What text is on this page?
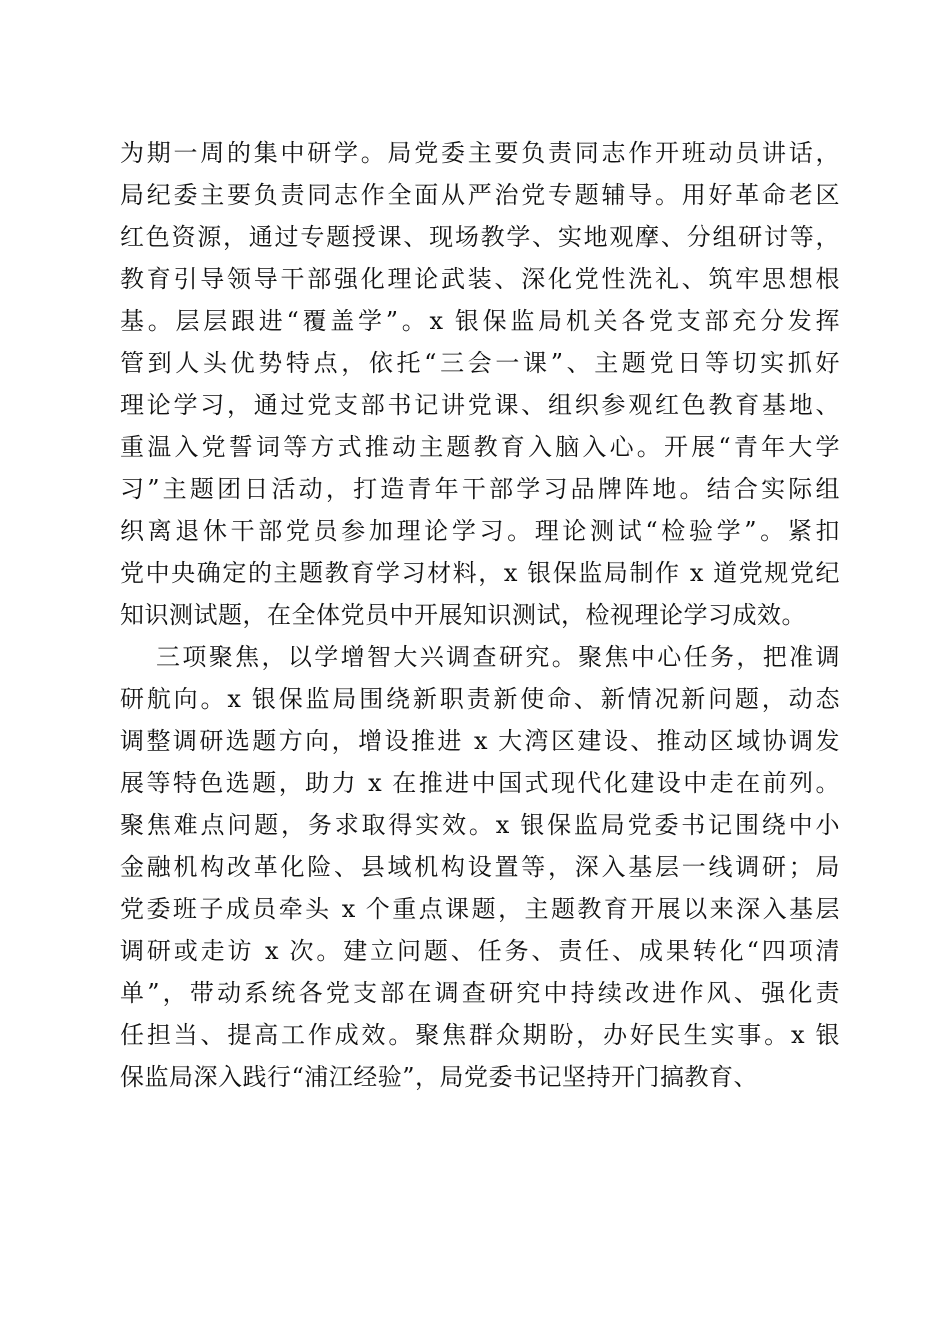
为期一周的集中研学。局党委主要负责同志作开班动员讲话，
局纪委主要负责同志作全面从严治党专题辅导。用好革命老区
红色资源，通过专题授课、现场教学、实地观摩、分组研讨等，
教育引导领导干部强化理论武装、深化党性洗礼、筑牢思想根
基。层层跟进“覆盖学”。x 银保监局机关各党支部充分发挥
管到人头优势特点，依托“三会一课”、主题党日等切实抓好
理论学习，通过党支部书记讲党课、组织参观红色教育基地、
重温入党誓词等方式推动主题教育入脑入心。开展“青年大学
习”主题团日活动，打造青年干部学习品牌阵地。结合实际组
织离退休干部党员参加理论学习。理论测试“检验学”。紧扣
党中央确定的主题教育学习材料，x 银保监局制作 x 道党规党纪
知识测试题，在全体党员中开展知识测试，检视理论学习成效。
三项聚焦，以学增智大兴调查研究。聚焦中心任务，把准调
研航向。x 银保监局围绕新职责新使命、新情况新问题，动态
调整调研选题方向，增设推进 x 大湾区建设、推动区域协调发
展等特色选题，助力 x 在推进中国式现代化建设中走在前列。
聚焦难点问题，务求取得实效。x 银保监局党委书记围绕中小
金融机构改革化险、县域机构设置等，深入基层一线调研；局
党委班子成员牵头 x 个重点课题，主题教育开展以来深入基层
调研或走访 x 次。建立问题、任务、责任、成果转化“四项清
单”，带动系统各党支部在调查研究中持续改进作风、强化责
任担当、提高工作成效。聚焦群众期盼，办好民生实事。x 银
保监局深入践行“浦江经验”，局党委书记坚持开门搞教育、
